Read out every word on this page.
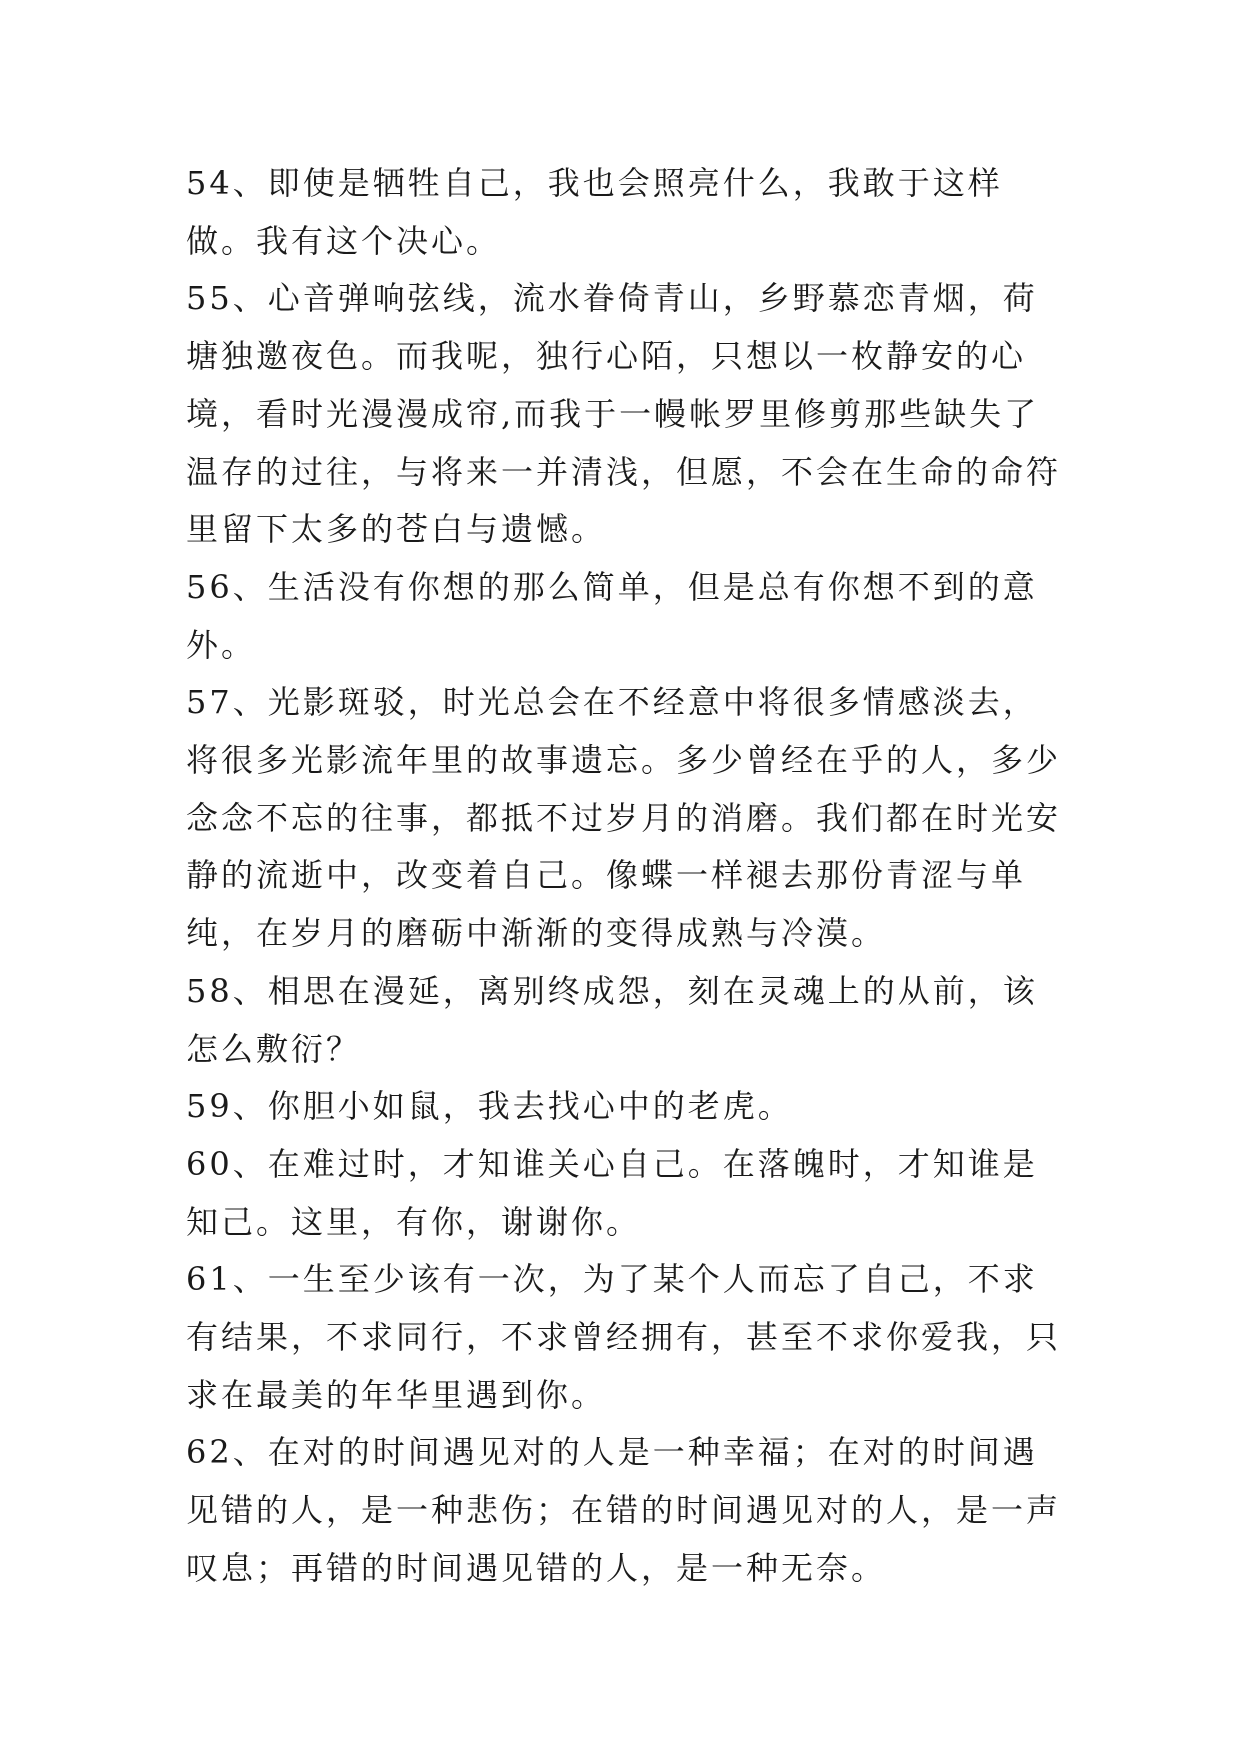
54、即使是牺牲自己，我也会照亮什么，我敢于这样做。我有这个决心。

55、心音弹响弦线，流水眷倚青山，乡野慕恋青烟，荷塘独邀夜色。而我呢，独行心陌，只想以一枚静安的心境，看时光漫漫成帘,而我于一幔帐罗里修剪那些缺失了温存的过往，与将来一并清浅，但愿，不会在生命的命符里留下太多的苍白与遗憾。

56、生活没有你想的那么简单，但是总有你想不到的意外。

57、光影斑驳，时光总会在不经意中将很多情感淡去，将很多光影流年里的故事遗忘。多少曾经在乎的人，多少念念不忘的往事，都抵不过岁月的消磨。我们都在时光安静的流逝中，改变着自己。像蝶一样褪去那份青涩与单纯，在岁月的磨砺中渐渐的变得成熟与冷漠。

58、相思在漫延，离别终成怨，刻在灵魂上的从前，该怎么敷衍？

59、你胆小如鼠，我去找心中的老虎。

60、在难过时，才知谁关心自己。在落魄时，才知谁是知己。这里，有你，谢谢你。

61、一生至少该有一次，为了某个人而忘了自己，不求有结果，不求同行，不求曾经拥有，甚至不求你爱我，只求在最美的年华里遇到你。

62、在对的时间遇见对的人是一种幸福；在对的时间遇见错的人，是一种悲伤；在错的时间遇见对的人，是一声叹息；再错的时间遇见错的人，是一种无奈。
